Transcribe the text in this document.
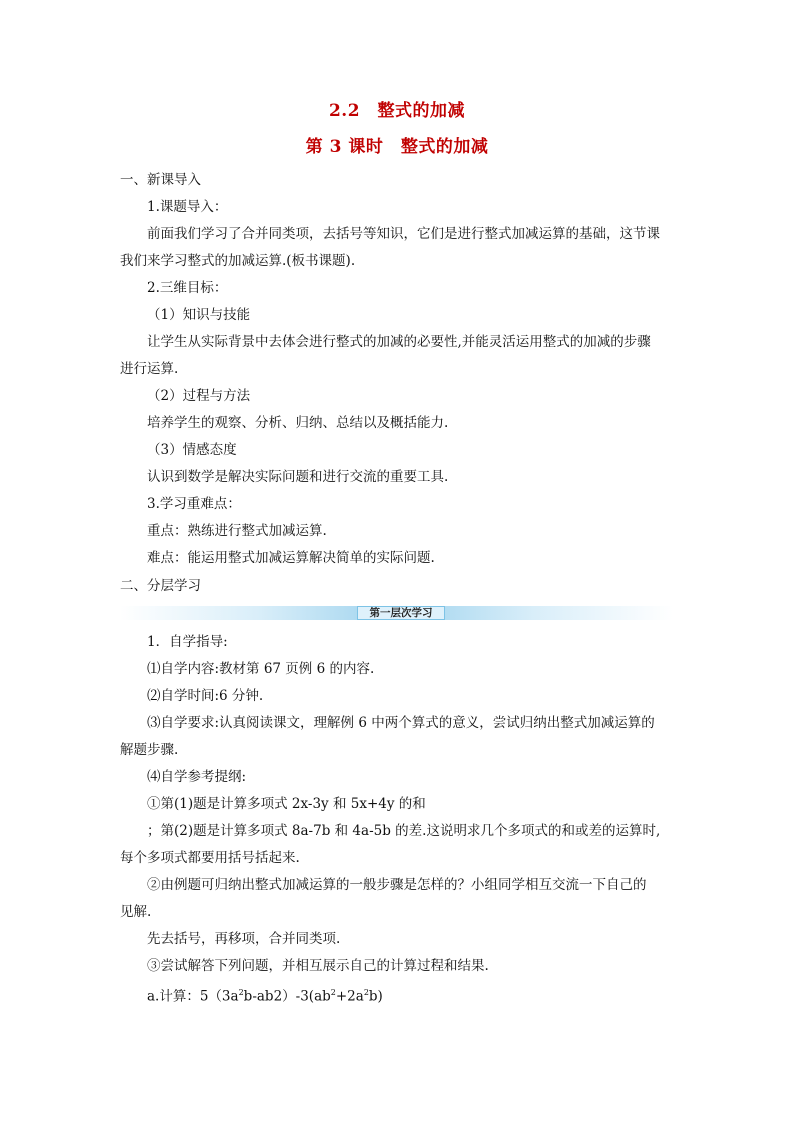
2.2　整式的加减
第 3 课时　整式的加减
一、新课导入
1.课题导入：
前面我们学习了合并同类项，去括号等知识，它们是进行整式加减运算的基础，这节课
我们来学习整式的加减运算.(板书课题).
2.三维目标：
（1）知识与技能
让学生从实际背景中去体会进行整式的加减的必要性,并能灵活运用整式的加减的步骤
进行运算.
（2）过程与方法
培养学生的观察、分析、归纳、总结以及概括能力.
（3）情感态度
认识到数学是解决实际问题和进行交流的重要工具.
3.学习重难点：
重点：熟练进行整式加减运算.
难点：能运用整式加减运算解决简单的实际问题.
二、分层学习
第一层次学习
1．自学指导:
⑴自学内容:教材第 67 页例 6 的内容.
⑵自学时间:6 分钟.
⑶自学要求:认真阅读课文，理解例 6 中两个算式的意义，尝试归纳出整式加减运算的
解题步骤.
⑷自学参考提纲:
①第(1)题是计算多项式 2x-3y 和 5x+4y 的和
；第(2)题是计算多项式 8a-7b 和 4a-5b 的差.这说明求几个多项式的和或差的运算时,
每个多项式都要用括号括起来.
②由例题可归纳出整式加减运算的一般步骤是怎样的？小组同学相互交流一下自己的
见解.
先去括号，再移项，合并同类项.
③尝试解答下列问题，并相互展示自己的计算过程和结果.
a.计算：$5(3a^2b-ab2)-3(ab^2+2a^2b)$
